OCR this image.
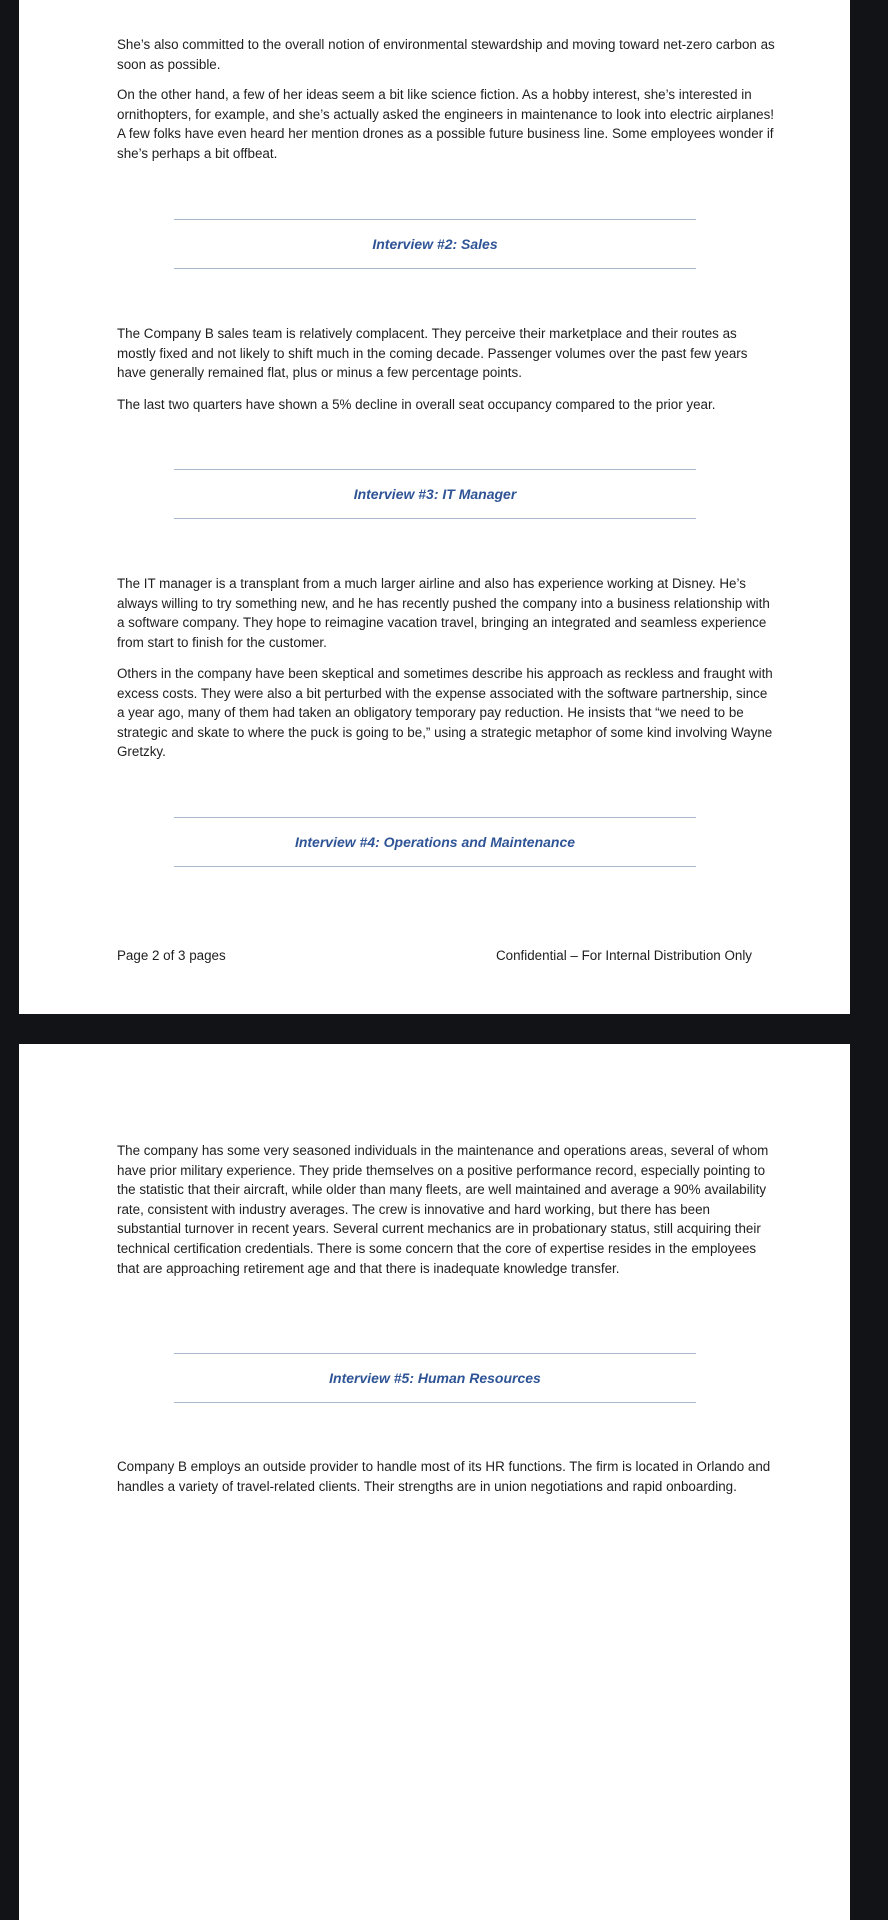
She’s also committed to the overall notion of environmental stewardship and moving toward net-zero carbon as soon as possible.

On the other hand, a few of her ideas seem a bit like science fiction. As a hobby interest, she’s interested in ornithopters, for example, and she’s actually asked the engineers in maintenance to look into electric airplanes! A few folks have even heard her mention drones as a possible future business line. Some employees wonder if she’s perhaps a bit offbeat.

Interview #2: Sales

The Company B sales team is relatively complacent. They perceive their marketplace and their routes as mostly fixed and not likely to shift much in the coming decade. Passenger volumes over the past few years have generally remained flat, plus or minus a few percentage points.

The last two quarters have shown a 5% decline in overall seat occupancy compared to the prior year.

Interview #3: IT Manager

The IT manager is a transplant from a much larger airline and also has experience working at Disney. He’s always willing to try something new, and he has recently pushed the company into a business relationship with a software company. They hope to reimagine vacation travel, bringing an integrated and seamless experience from start to finish for the customer.

Others in the company have been skeptical and sometimes describe his approach as reckless and fraught with excess costs. They were also a bit perturbed with the expense associated with the software partnership, since a year ago, many of them had taken an obligatory temporary pay reduction. He insists that “we need to be strategic and skate to where the puck is going to be,” using a strategic metaphor of some kind involving Wayne Gretzky.

Interview #4: Operations and Maintenance

Page 2 of 3 pages	Confidential – For Internal Distribution Only

The company has some very seasoned individuals in the maintenance and operations areas, several of whom have prior military experience. They pride themselves on a positive performance record, especially pointing to the statistic that their aircraft, while older than many fleets, are well maintained and average a 90% availability rate, consistent with industry averages. The crew is innovative and hard working, but there has been substantial turnover in recent years. Several current mechanics are in probationary status, still acquiring their technical certification credentials. There is some concern that the core of expertise resides in the employees that are approaching retirement age and that there is inadequate knowledge transfer.

Interview #5: Human Resources

Company B employs an outside provider to handle most of its HR functions. The firm is located in Orlando and handles a variety of travel-related clients. Their strengths are in union negotiations and rapid onboarding.
